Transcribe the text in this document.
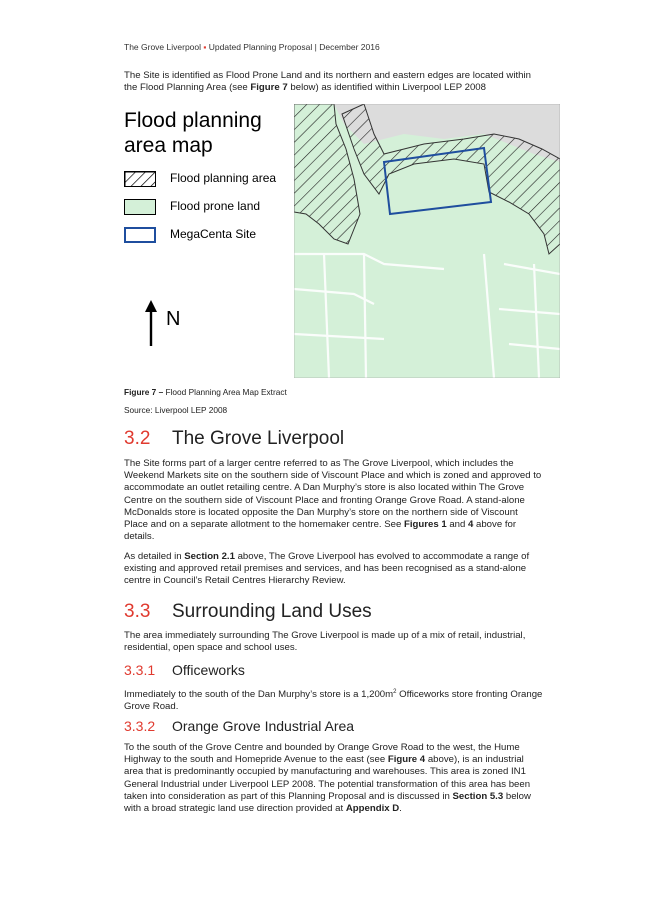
The Grove Liverpool ▪ Updated Planning Proposal | December 2016
The Site is identified as Flood Prone Land and its northern and eastern edges are located within the Flood Planning Area (see Figure 7 below) as identified within Liverpool LEP 2008
Flood planning
area map
Flood planning area
Flood prone land
MegaCenta Site
N
Figure 7 – Flood Planning Area Map Extract
Source: Liverpool LEP 2008
3.2 The Grove Liverpool
The Site forms part of a larger centre referred to as The Grove Liverpool, which includes the Weekend Markets site on the southern side of Viscount Place and which is zoned and approved to accommodate an outlet retailing centre. A Dan Murphy’s store is also located within The Grove Centre on the southern side of Viscount Place and fronting Orange Grove Road. A stand-alone McDonalds store is located opposite the Dan Murphy’s store on the northern side of Viscount Place and on a separate allotment to the homemaker centre. See Figures 1 and 4 above for details.
As detailed in Section 2.1 above, The Grove Liverpool has evolved to accommodate a range of existing and approved retail premises and services, and has been recognised as a stand-alone centre in Council’s Retail Centres Hierarchy Review.
3.3 Surrounding Land Uses
The area immediately surrounding The Grove Liverpool is made up of a mix of retail, industrial, residential, open space and school uses.
3.3.1 Officeworks
Immediately to the south of the Dan Murphy’s store is a $1,200m^2$ Officeworks store fronting Orange Grove Road.
3.3.2 Orange Grove Industrial Area
To the south of the Grove Centre and bounded by Orange Grove Road to the west, the Hume Highway to the south and Homepride Avenue to the east (see Figure 4 above), is an industrial area that is predominantly occupied by manufacturing and warehouses. This area is zoned IN1 General Industrial under Liverpool LEP 2008. The potential transformation of this area has been taken into consideration as part of this Planning Proposal and is discussed in Section 5.3 below with a broad strategic land use direction provided at Appendix D.
